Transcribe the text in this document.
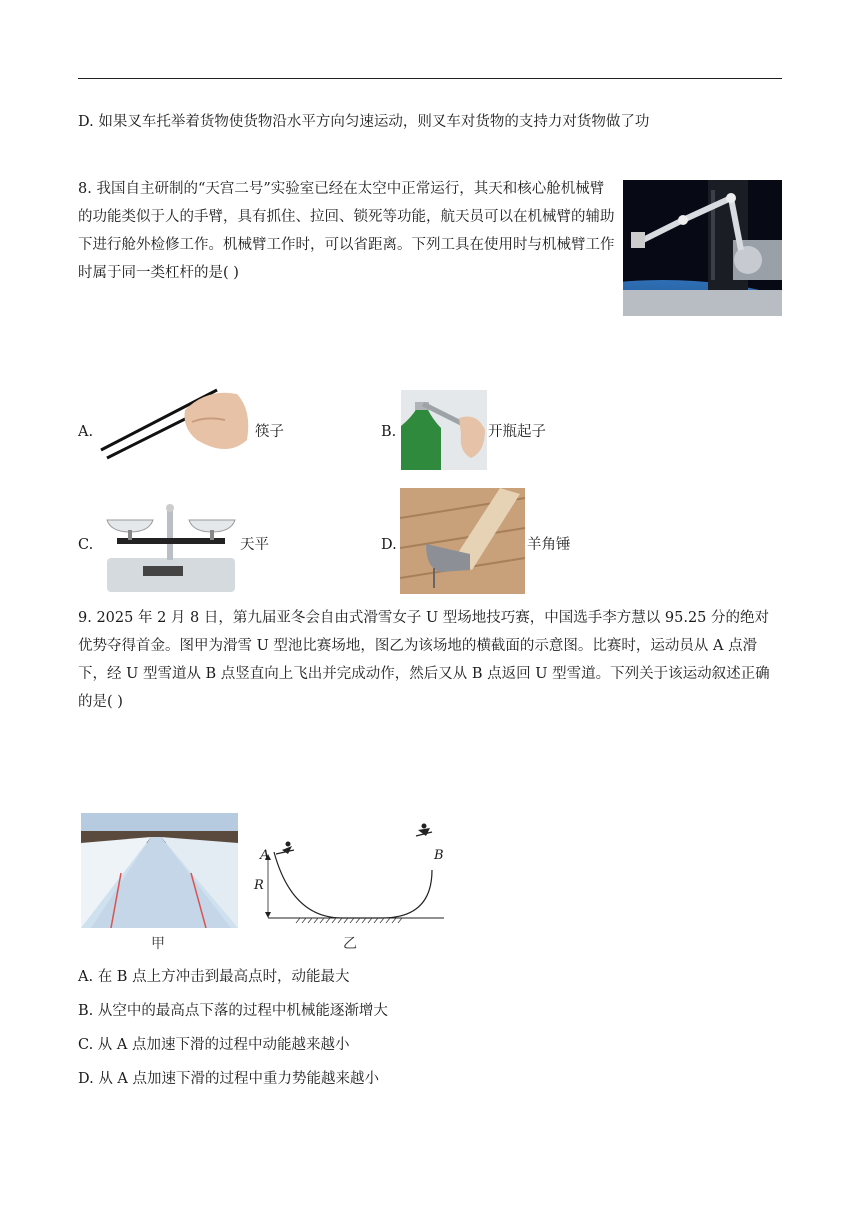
D. 如果叉车托举着货物使货物沿水平方向匀速运动，则叉车对货物的支持力对货物做了功
8. 我国自主研制的“天宫二号”实验室已经在太空中正常运行，其天和核心舱机械臂的功能类似于人的手臂，具有抓住、拉回、锁死等功能，航天员可以在机械臂的辅助下进行舱外检修工作。机械臂工作时，可以省距离。下列工具在使用时与机械臂工作时属于同一类杠杆的是( )
A.	筷子	B.	开瓶起子
C.	天平	D.	羊角锤
9. 2025 年 2 月 8 日，第九届亚冬会自由式滑雪女子 U 型场地技巧赛，中国选手李方慧以 95.25 分的绝对优势夺得首金。图甲为滑雪 U 型池比赛场地，图乙为该场地的横截面的示意图。比赛时，运动员从 A 点滑下，经 U 型雪道从 B 点竖直向上飞出并完成动作，然后又从 B 点返回 U 型雪道。下列关于该运动叙述正确的是( )
甲
A	B
R
乙
A. 在 B 点上方冲击到最高点时，动能最大
B. 从空中的最高点下落的过程中机械能逐渐增大
C. 从 A 点加速下滑的过程中动能越来越小
D. 从 A 点加速下滑的过程中重力势能越来越小
